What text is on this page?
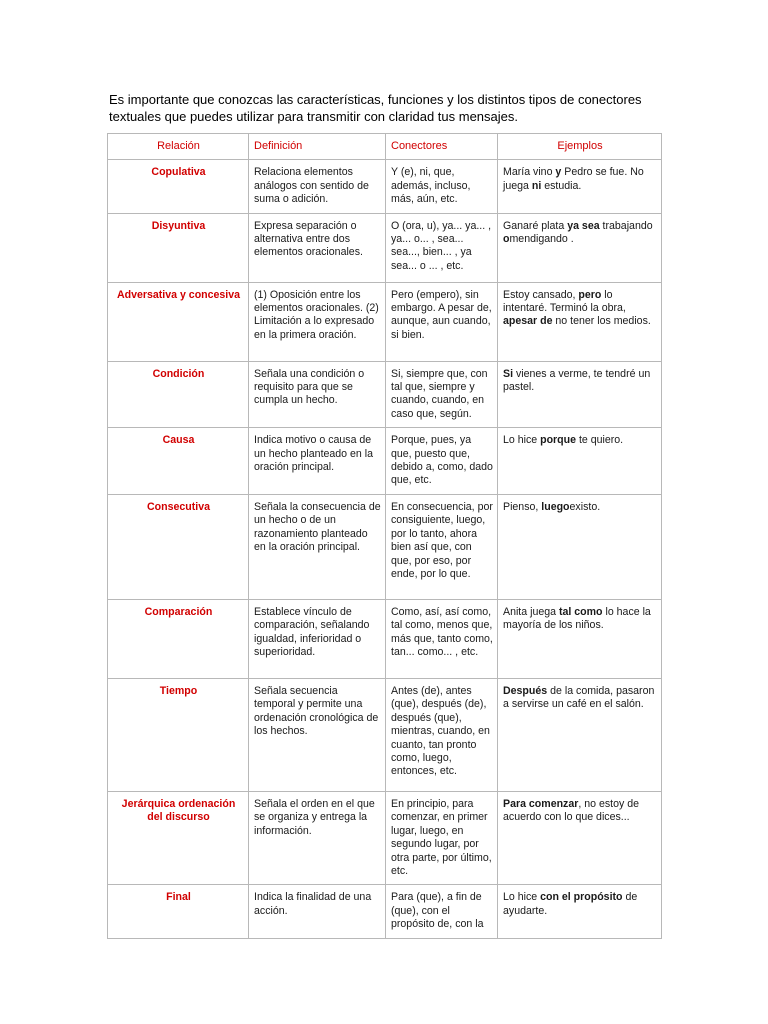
Es importante que conozcas las características, funciones y los distintos tipos de conectores textuales que puedes utilizar para transmitir con claridad tus mensajes.
Relación	Definición	Conectores	Ejemplos
Copulativa	Relaciona elementos análogos con sentido de suma o adición.	Y (e), ni, que, además, incluso, más, aún, etc.	María vino y Pedro se fue. No juega ni estudia.
Disyuntiva	Expresa separación o alternativa entre dos elementos oracionales.	O (ora, u), ya... ya... , ya... o... , sea... sea..., bien... , ya sea... o ... , etc.	Ganaré plata ya sea trabajando omendigando .
Adversativa y concesiva	(1) Oposición entre los elementos oracionales. (2) Limitación a lo expresado en la primera oración.	Pero (empero), sin embargo. A pesar de, aunque, aun cuando, si bien.	Estoy cansado, pero lo intentaré. Terminó la obra, apesar de no tener los medios.
Condición	Señala una condición o requisito para que se cumpla un hecho.	Si, siempre que, con tal que, siempre y cuando, cuando, en caso que, según.	Si vienes a verme, te tendré un pastel.
Causa	Indica motivo o causa de un hecho planteado en la oración principal.	Porque, pues, ya que, puesto que, debido a, como, dado que, etc.	Lo hice porque te quiero.
Consecutiva	Señala la consecuencia de un hecho o de un razonamiento planteado en la oración principal.	En consecuencia, por consiguiente, luego, por lo tanto, ahora bien así que, con que, por eso, por ende, por lo que.	Pienso, luegoexisto.
Comparación	Establece vínculo de comparación, señalando igualdad, inferioridad o superioridad.	Como, así, así como, tal como, menos que, más que, tanto como, tan... como... , etc.	Anita juega tal como lo hace la mayoría de los niños.
Tiempo	Señala secuencia temporal y permite una ordenación cronológica de los hechos.	Antes (de), antes (que), después (de), después (que), mientras, cuando, en cuanto, tan pronto como, luego, entonces, etc.	Después de la comida, pasaron a servirse un café en el salón.
Jerárquica ordenación del discurso	Señala el orden en el que se organiza y entrega la información.	En principio, para comenzar, en primer lugar, luego, en segundo lugar, por otra parte, por último, etc.	Para comenzar, no estoy de acuerdo con lo que dices...
Final	Indica la finalidad de una acción.	Para (que), a fin de (que), con el propósito de, con la	Lo hice con el propósito de ayudarte.
